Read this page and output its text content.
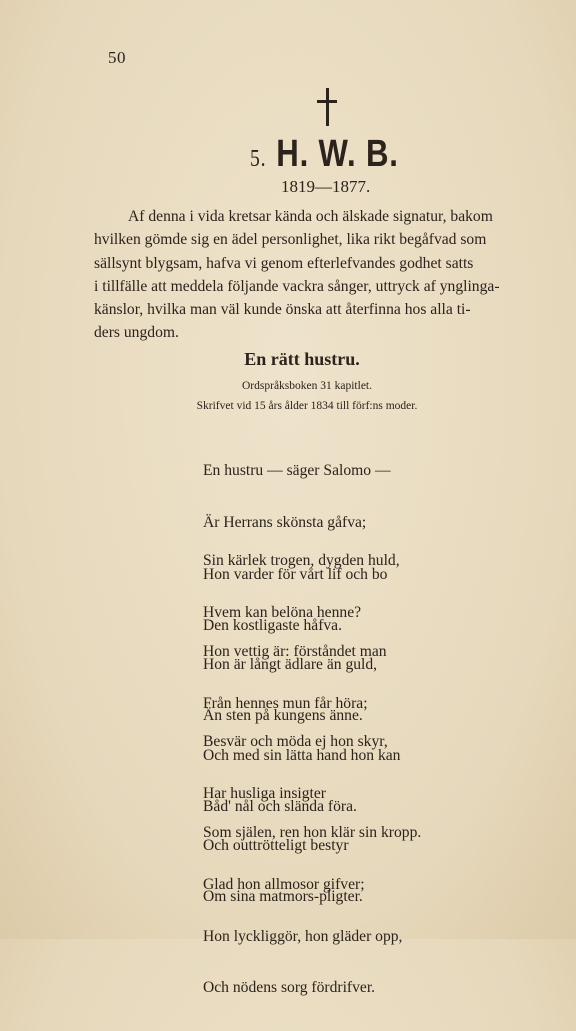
50
5. H. W. B.
1819—1877.
Af denna i vida kretsar kända och älskade signatur, bakom
hvilken gömde sig en ädel personlighet, lika rikt begåfvad som
sällsynt blygsam, hafva vi genom efterlefvandes godhet satts
i tillfälle att meddela följande vackra sånger, uttryck af ynglinga-
känslor, hvilka man väl kunde önska att återfinna hos alla ti-
ders ungdom.
En rätt hustru.
Ordspråksboken 31 kapitlet.
Skrifvet vid 15 års ålder 1834 till förf:ns moder.

En hustru — säger Salomo —

Är Herrans skönsta gåfva;

Hon varder för vårt lif och bo

Den kostligaste håfva.

Sin kärlek trogen, dygden huld,

Hvem kan belöna henne?

Hon är långt ädlare än guld,

Än sten på kungens änne.

Hon vettig är: förståndet man

Från hennes mun får höra;

Och med sin lätta hand hon kan

Båd' nål och slända föra.

Besvär och möda ej hon skyr,

Har husliga insigter

Och outtrötteligt bestyr

Om sina matmors-pligter.

Som själen, ren hon klär sin kropp.

Glad hon allmosor gifver;

Hon lyckliggör, hon gläder opp,

Och nödens sorg fördrifver.
